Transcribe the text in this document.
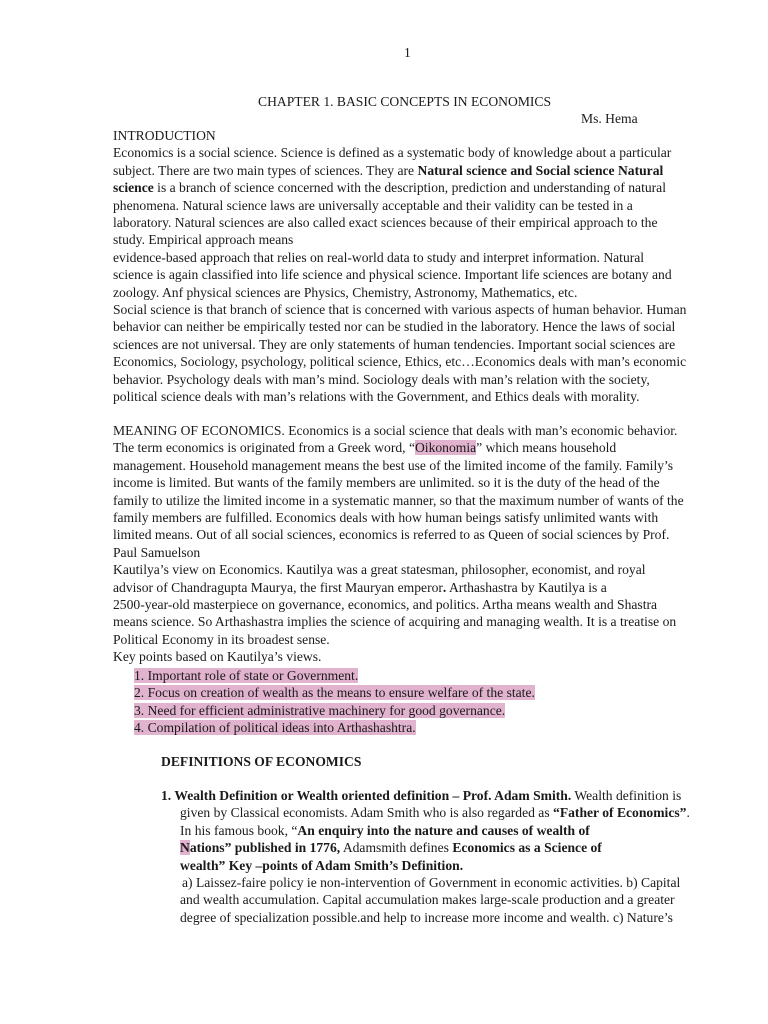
1
CHAPTER 1. BASIC CONCEPTS IN ECONOMICS
Ms. Hema
INTRODUCTION
Economics is a social science. Science is defined as a systematic body of knowledge about a particular
subject. There are two main types of sciences. They are Natural science and Social science Natural
science is a branch of science concerned with the description, prediction and understanding of natural
phenomena. Natural science laws are universally acceptable and their validity can be tested in a
laboratory. Natural sciences are also called exact sciences because of their empirical approach to the
study. Empirical approach means
evidence-based approach that relies on real-world data to study and interpret information. Natural
science is again classified into life science and physical science. Important life sciences are botany and
zoology. Anf physical sciences are Physics, Chemistry, Astronomy, Mathematics, etc.
Social science is that branch of science that is concerned with various aspects of human behavior. Human
behavior can neither be empirically tested nor can be studied in the laboratory. Hence the laws of social
sciences are not universal. They are only statements of human tendencies. Important social sciences are
Economics, Sociology, psychology, political science, Ethics, etc…Economics deals with man’s economic
behavior. Psychology deals with man’s mind. Sociology deals with man’s relation with the society,
political science deals with man’s relations with the Government, and Ethics deals with morality.
MEANING OF ECONOMICS. Economics is a social science that deals with man’s economic behavior.
The term economics is originated from a Greek word, “Oikonomia” which means household
management. Household management means the best use of the limited income of the family. Family’s
income is limited. But wants of the family members are unlimited. so it is the duty of the head of the
family to utilize the limited income in a systematic manner, so that the maximum number of wants of the
family members are fulfilled. Economics deals with how human beings satisfy unlimited wants with
limited means. Out of all social sciences, economics is referred to as Queen of social sciences by Prof.
Paul Samuelson
Kautilya’s view on Economics. Kautilya was a great statesman, philosopher, economist, and royal
advisor of Chandragupta Maurya, the first Mauryan emperor. Arthashastra by Kautilya is a
2500-year-old masterpiece on governance, economics, and politics. Artha means wealth and Shastra
means science. So Arthashastra implies the science of acquiring and managing wealth. It is a treatise on
Political Economy in its broadest sense.
Key points based on Kautilya’s views.
1. Important role of state or Government.
2. Focus on creation of wealth as the means to ensure welfare of the state.
3. Need for efficient administrative machinery for good governance.
4. Compilation of political ideas into Arthashashtra.
DEFINITIONS OF ECONOMICS
1. Wealth Definition or Wealth oriented definition – Prof. Adam Smith. Wealth definition is
given by Classical economists. Adam Smith who is also regarded as “Father of Economics”.
In his famous book, “An enquiry into the nature and causes of wealth of
Nations” published in 1776, Adamsmith defines Economics as a Science of
wealth” Key –points of Adam Smith’s Definition.
a) Laissez-faire policy ie non-intervention of Government in economic activities. b) Capital
and wealth accumulation. Capital accumulation makes large-scale production and a greater
degree of specialization possible.and help to increase more income and wealth. c) Nature’s
